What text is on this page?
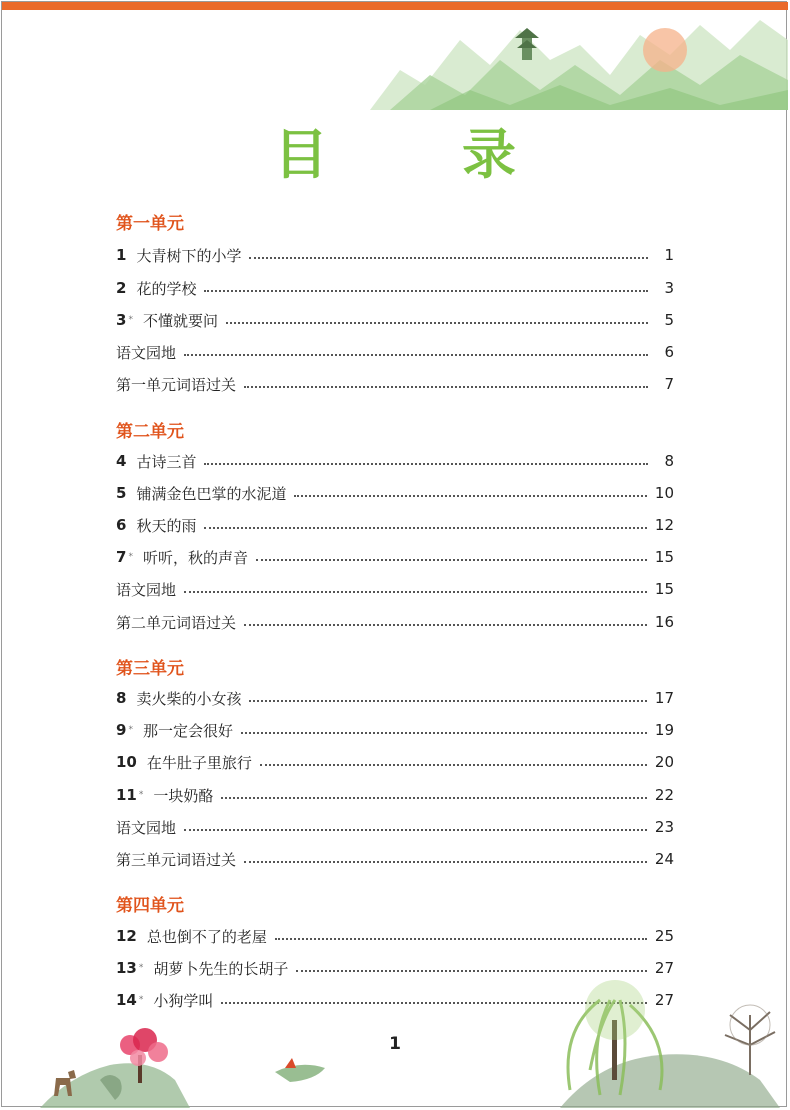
目　录
第一单元
1 大青树下的小学	1
2 花的学校	3
3 * 不懂就要问	5
语文园地	6
第一单元词语过关	7
第二单元
4 古诗三首	8
5 铺满金色巴掌的水泥道	10
6 秋天的雨	12
7 * 听听，秋的声音	15
语文园地	15
第二单元词语过关	16
第三单元
8 卖火柴的小女孩	17
9 * 那一定会很好	19
10 在牛肚子里旅行	20
11 * 一块奶酪	22
语文园地	23
第三单元词语过关	24
第四单元
12 总也倒不了的老屋	25
13 * 胡萝卜先生的长胡子	27
14 * 小狗学叫	27
1
